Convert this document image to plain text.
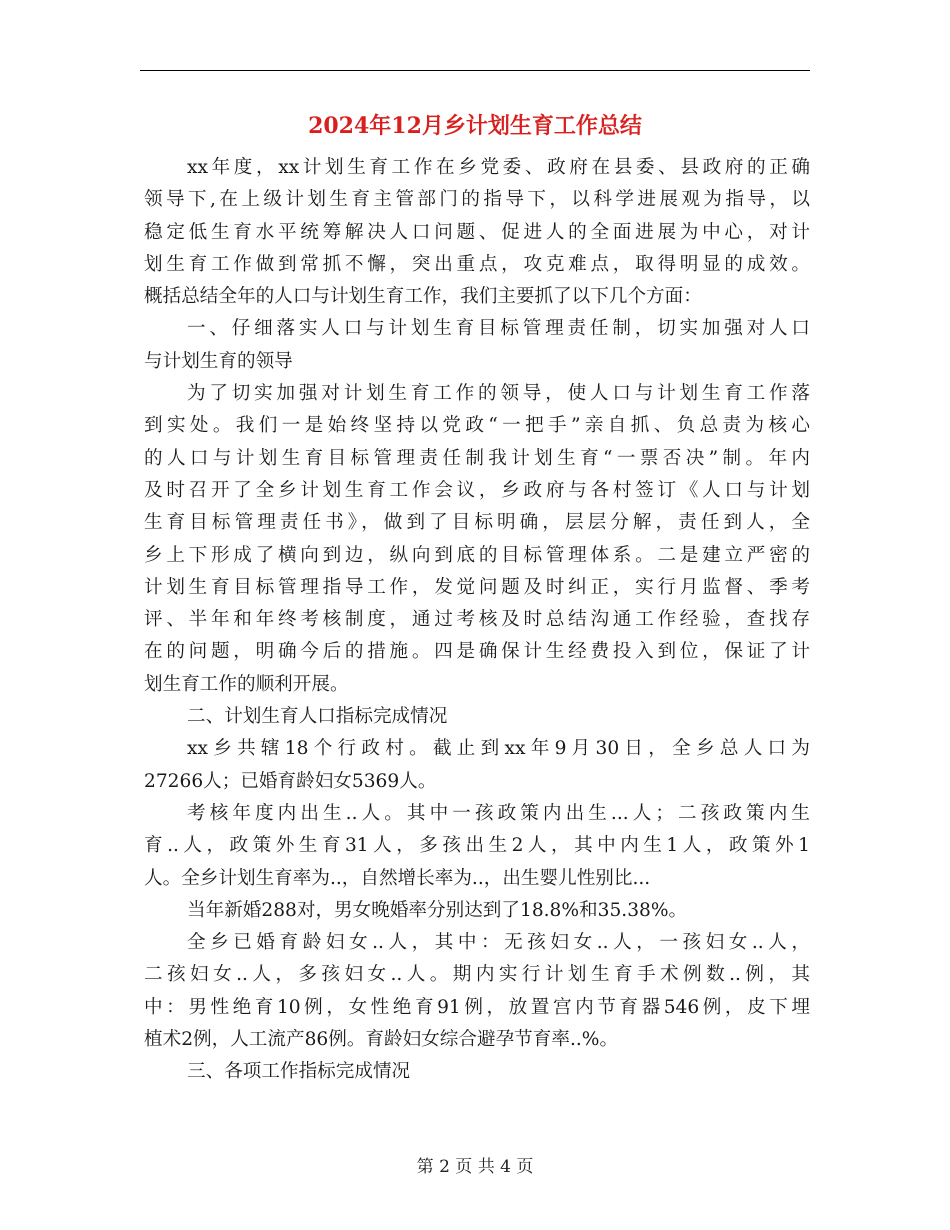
2024年12月乡计划生育工作总结
xx年度，xx计划生育工作在乡党委、政府在县委、县政府的正确
领导下,在上级计划生育主管部门的指导下，以科学进展观为指导，以
稳定低生育水平统筹解决人口问题、促进人的全面进展为中心，对计
划生育工作做到常抓不懈，突出重点，攻克难点，取得明显的成效。
概括总结全年的人口与计划生育工作，我们主要抓了以下几个方面：
一、仔细落实人口与计划生育目标管理责任制，切实加强对人口
与计划生育的领导
为了切实加强对计划生育工作的领导，使人口与计划生育工作落
到实处。我们一是始终坚持以党政“一把手”亲自抓、负总责为核心
的人口与计划生育目标管理责任制我计划生育“一票否决”制。年内
及时召开了全乡计划生育工作会议，乡政府与各村签订《人口与计划
生育目标管理责任书》，做到了目标明确，层层分解，责任到人，全
乡上下形成了横向到边，纵向到底的目标管理体系。二是建立严密的
计划生育目标管理指导工作，发觉问题及时纠正，实行月监督、季考
评、半年和年终考核制度，通过考核及时总结沟通工作经验，查找存
在的问题，明确今后的措施。四是确保计生经费投入到位，保证了计
划生育工作的顺利开展。
二、计划生育人口指标完成情况
xx乡共辖18个行政村。截止到xx年9月30日，全乡总人口为
27266人；已婚育龄妇女5369人。
考核年度内出生..人。其中一孩政策内出生...人；二孩政策内生
育..人，政策外生育31人，多孩出生2人，其中内生1人，政策外1
人。全乡计划生育率为..，自然增长率为..，出生婴儿性别比...
当年新婚288对，男女晚婚率分别达到了18.8%和35.38%。
全乡已婚育龄妇女..人，其中：无孩妇女..人，一孩妇女..人，
二孩妇女..人，多孩妇女..人。期内实行计划生育手术例数..例，其
中：男性绝育10例，女性绝育91例，放置宫内节育器546例，皮下埋
植术2例，人工流产86例。育龄妇女综合避孕节育率..%。
三、各项工作指标完成情况
第 2 页 共 4 页
